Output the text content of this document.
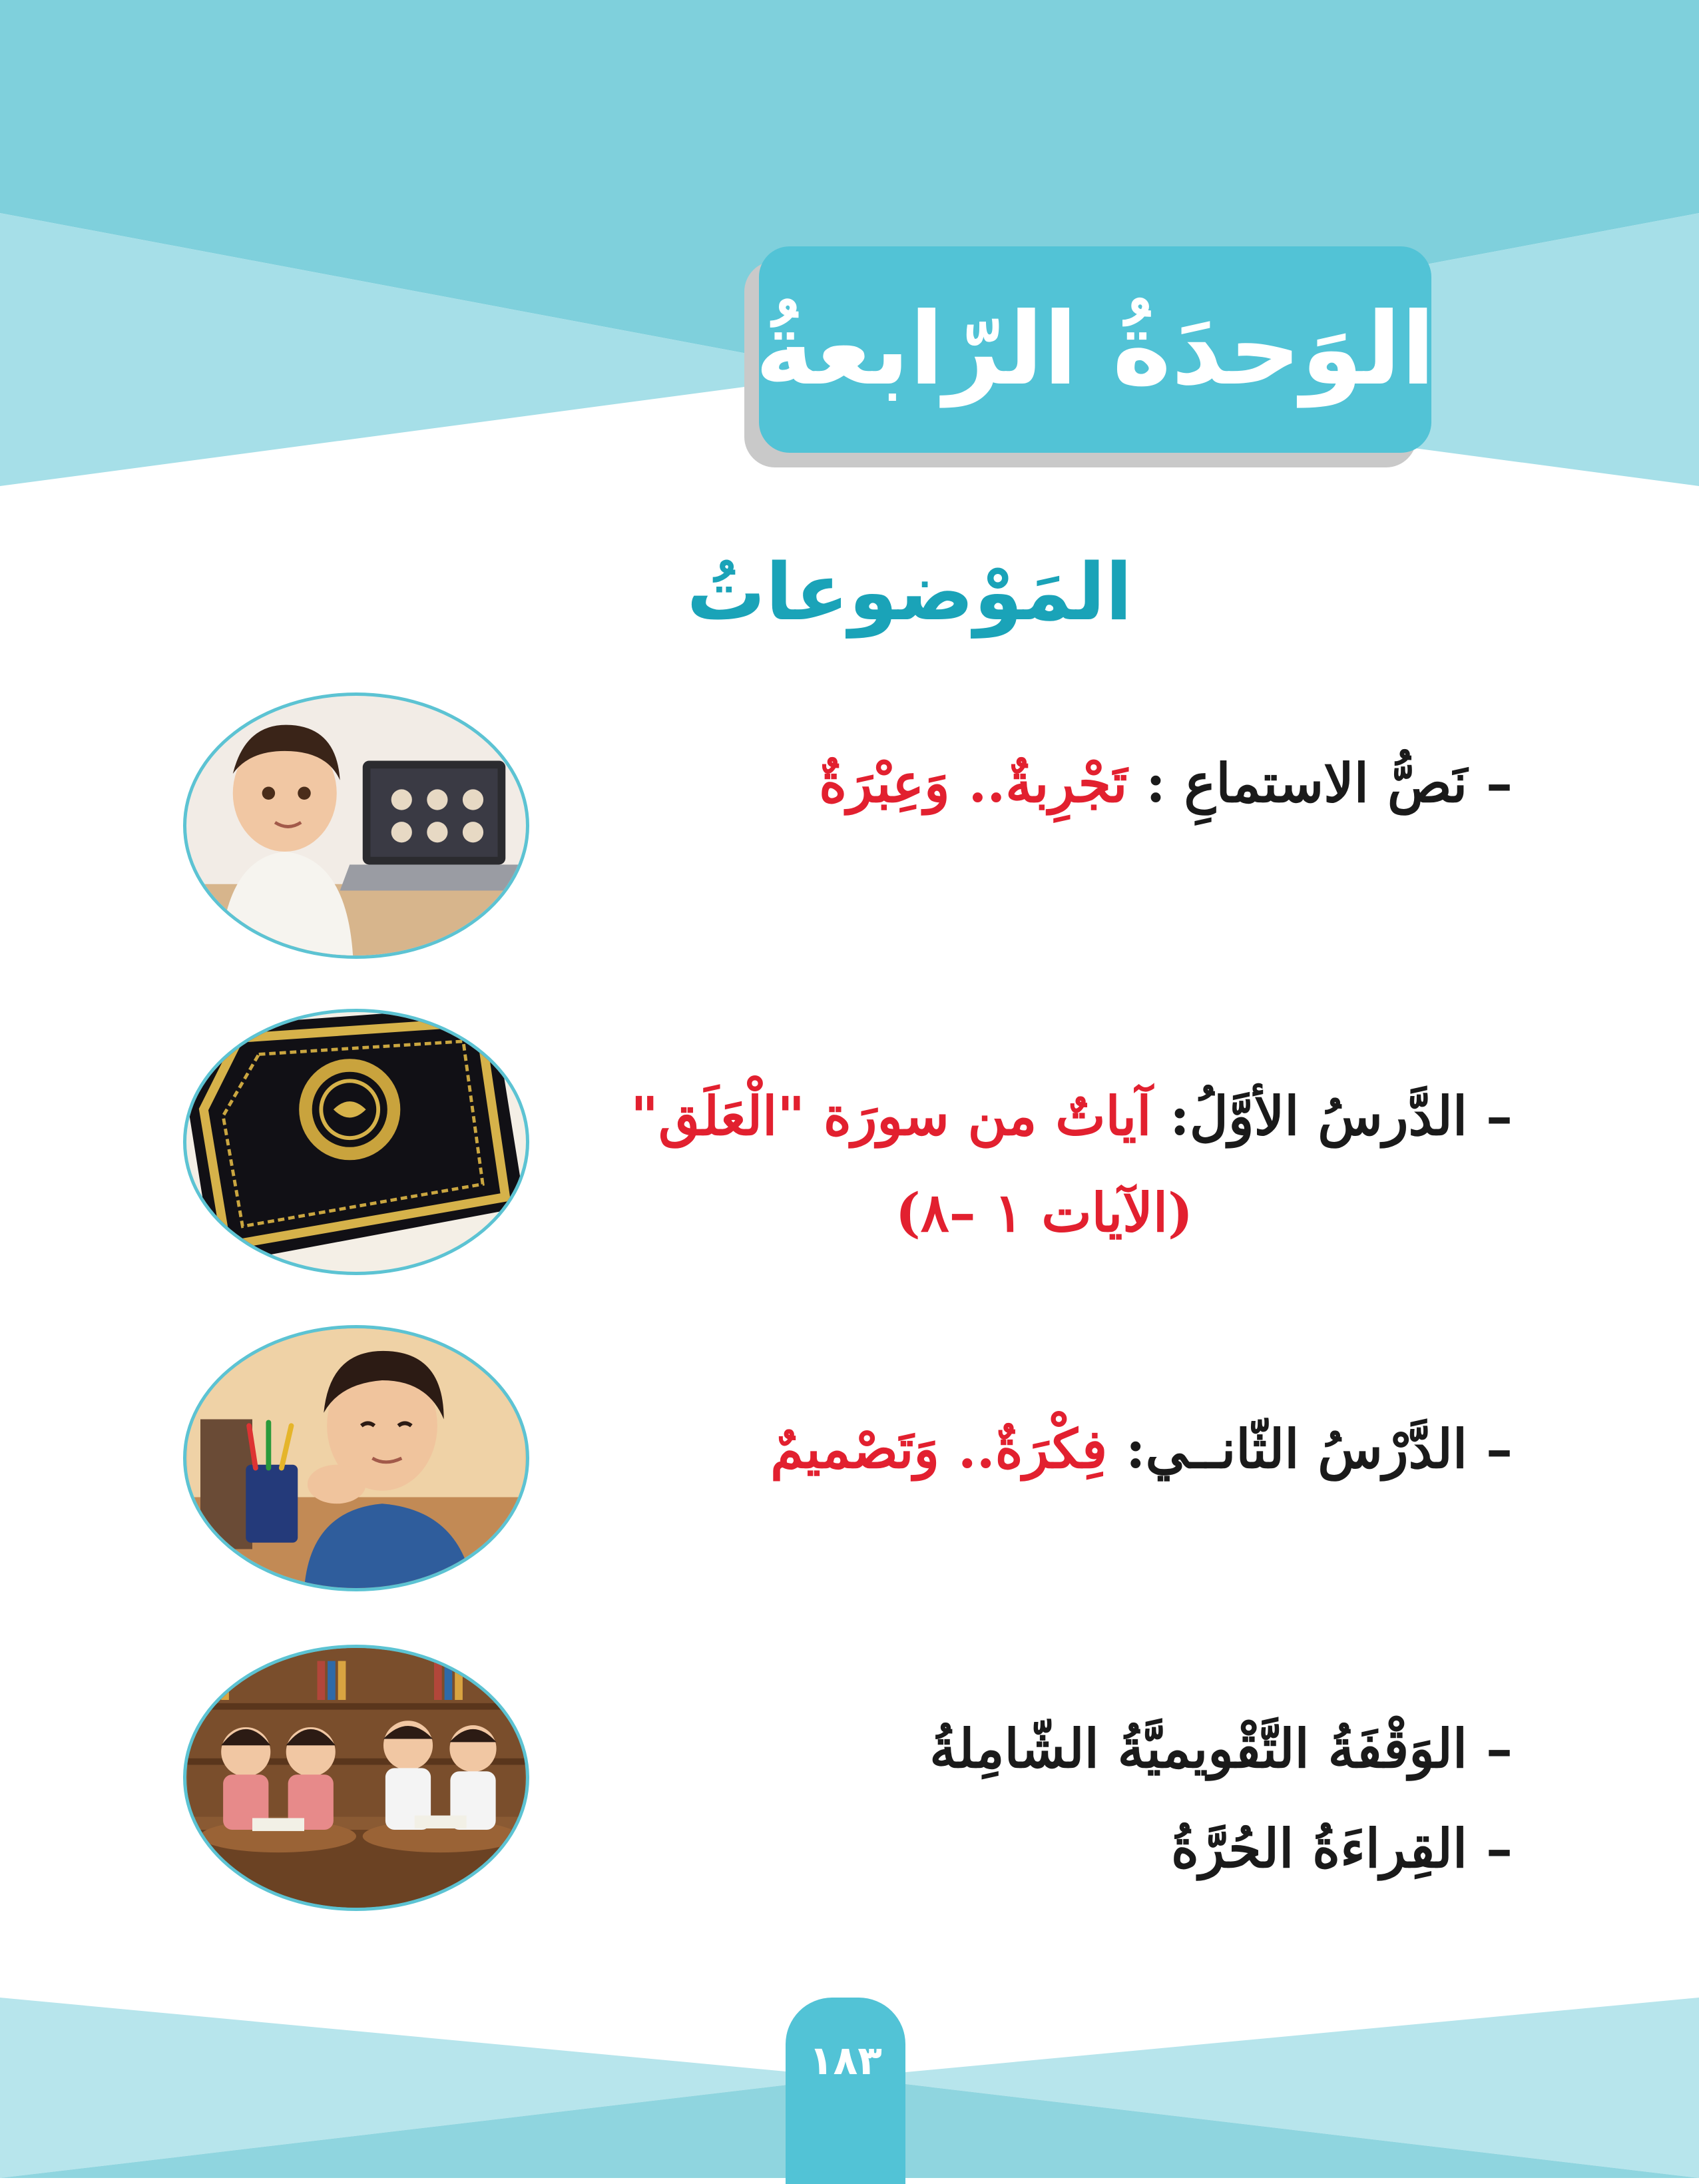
الوَحدَةُ الرّابعةُ
المَوْضوعاتُ
– نَصُّ الاستماعِ : تَجْرِبةٌ.. وَعِبْرَةٌ
– الدَّرسُ الأوَّلُ: آياتٌ من سورَة "الْعَلَق"
(الآيات ١ –٨)
– الدَّرْسُ الثّانــي: فِكْرَةٌ.. وَتَصْميمٌ
– الوَقْفَةُ التَّقْويميَّةُ الشّامِلةُ
– القِراءَةُ الحُرَّةُ
١٨٣
